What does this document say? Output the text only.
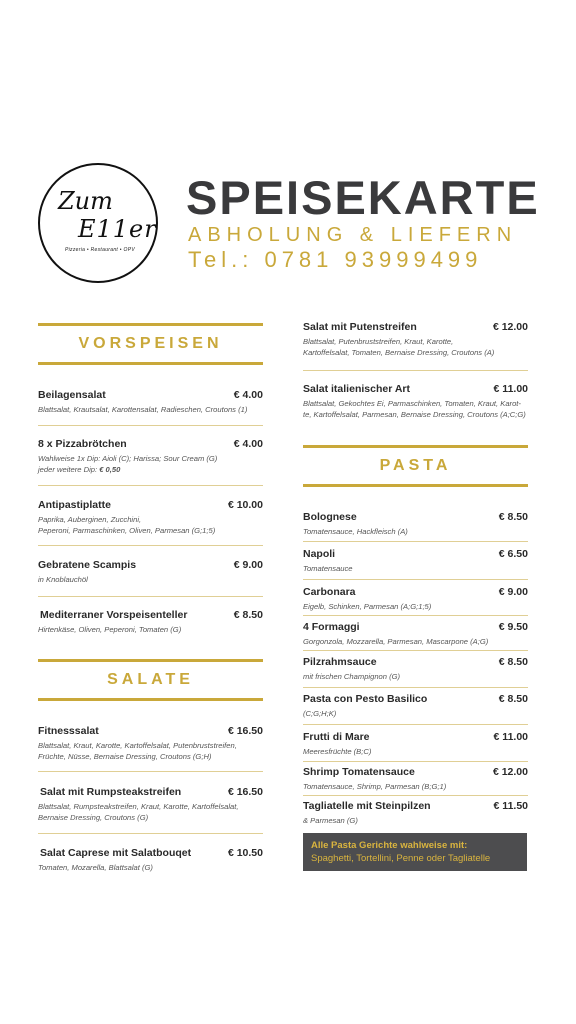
Zum
E11er
Pizzeria • Restaurant • OPV
SPEISEKARTE
ABHOLUNG & LIEFERN
Tel.: 0781 93999499
VORSPEISEN
Beilagensalat	€ 4.00
Blattsalat, Krautsalat, Karottensalat, Radieschen, Croutons (1)
8 x Pizzabrötchen	€ 4.00
Wahlweise 1x Dip: Aioli (C); Harissa; Sour Cream (G)
jeder weitere Dip: € 0,50
Antipastiplatte	€ 10.00
Paprika, Auberginen, Zucchini,
Peperoni, Parmaschinken, Oliven, Parmesan (G;1;5)
Gebratene Scampis	€ 9.00
in Knoblauchöl
Mediterraner Vorspeisenteller	€ 8.50
Hirtenkäse, Oliven, Peperoni, Tomaten (G)
SALATE
Fitnesssalat	€ 16.50
Blattsalat, Kraut, Karotte, Kartoffelsalat, Putenbruststreifen,
Früchte, Nüsse, Bernaise Dressing, Croutons (G;H)
Salat mit Rumpsteakstreifen	€ 16.50
Blattsalat, Rumpsteakstreifen, Kraut, Karotte, Kartoffelsalat,
Bernaise Dressing, Croutons (G)
Salat Caprese mit Salatbouqet	€ 10.50
Tomaten, Mozarella, Blattsalat (G)
Salat mit Putenstreifen	€ 12.00
Blattsalat, Putenbruststreifen, Kraut, Karotte,
Kartoffelsalat, Tomaten, Bernaise Dressing, Croutons (A)
Salat italienischer Art	€ 11.00
Blattsalat, Gekochtes Ei, Parmaschinken, Tomaten, Kraut, Karot-
te, Kartoffelsalat, Parmesan, Bernaise Dressing, Croutons (A;C;G)
PASTA
Bolognese	€ 8.50
Tomatensauce, Hackfleisch (A)
Napoli	€ 6.50
Tomatensauce
Carbonara	€ 9.00
Eigelb, Schinken, Parmesan (A;G;1;5)
4 Formaggi	€ 9.50
Gorgonzola, Mozzarella, Parmesan, Mascarpone (A;G)
Pilzrahmsauce	€ 8.50
mit frischen Champignon (G)
Pasta con Pesto Basilico	€ 8.50
(C;G;H;K)
Frutti di Mare	€ 11.00
Meeresfrüchte (B;C)
Shrimp Tomatensauce	€ 12.00
Tomatensauce, Shrimp, Parmesan (B;G;1)
Tagliatelle mit Steinpilzen	€ 11.50
& Parmesan (G)
Alle Pasta Gerichte wahlweise mit:
Spaghetti, Tortellini, Penne oder Tagliatelle
